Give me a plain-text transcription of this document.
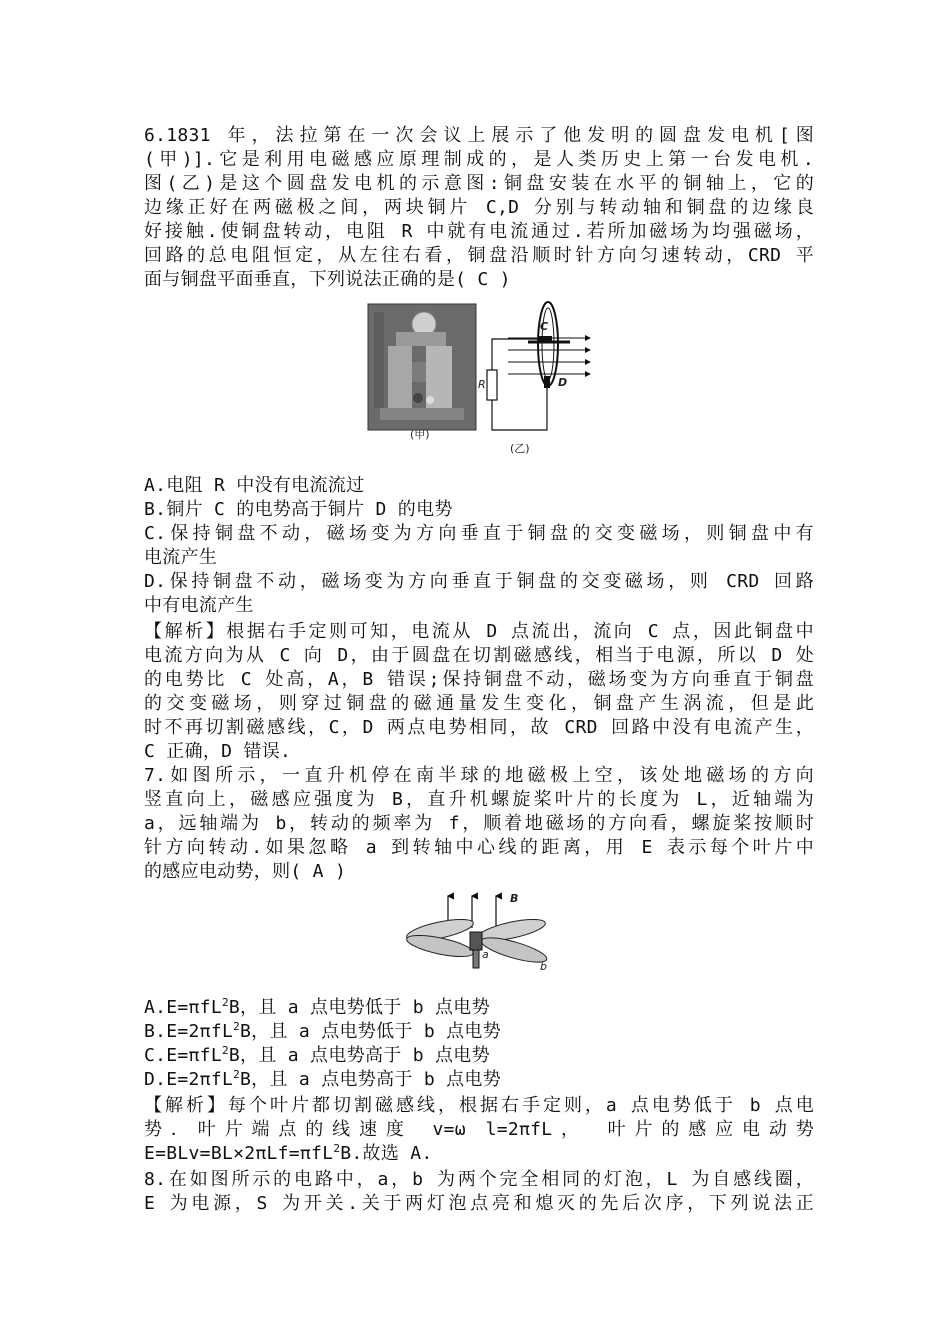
6.1831 年，法拉第在一次会议上展示了他发明的圆盘发电机[图
(甲)].它是利用电磁感应原理制成的，是人类历史上第一台发电机.
图(乙)是这个圆盘发电机的示意图:铜盘安装在水平的铜轴上，它的
边缘正好在两磁极之间，两块铜片 C,D 分别与转动轴和铜盘的边缘良
好接触.使铜盘转动，电阻 R 中就有电流通过.若所加磁场为均强磁场，
回路的总电阻恒定，从左往右看，铜盘沿顺时针方向匀速转动，CRD 平
面与铜盘平面垂直，下列说法正确的是( C )
(甲)
R
C
D
(乙)
A.电阻 R 中没有电流流过
B.铜片 C 的电势高于铜片 D 的电势
C.保持铜盘不动，磁场变为方向垂直于铜盘的交变磁场，则铜盘中有
电流产生
D.保持铜盘不动，磁场变为方向垂直于铜盘的交变磁场，则 CRD 回路
中有电流产生
【解析】根据右手定则可知，电流从 D 点流出，流向 C 点，因此铜盘中
电流方向为从 C 向 D，由于圆盘在切割磁感线，相当于电源，所以 D 处
的电势比 C 处高，A，B 错误;保持铜盘不动，磁场变为方向垂直于铜盘
的交变磁场，则穿过铜盘的磁通量发生变化，铜盘产生涡流，但是此
时不再切割磁感线，C，D 两点电势相同，故 CRD 回路中没有电流产生，
C 正确，D 错误.
7.如图所示，一直升机停在南半球的地磁极上空，该处地磁场的方向
竖直向上，磁感应强度为 B，直升机螺旋桨叶片的长度为 L，近轴端为
a，远轴端为 b，转动的频率为 f，顺着地磁场的方向看，螺旋桨按顺时
针方向转动.如果忽略 a 到转轴中心线的距离，用 E 表示每个叶片中
的感应电动势，则( A )
B
a
b
A.E=πfL$^2$B，且 a 点电势低于 b 点电势
B.E=2πfL$^2$B，且 a 点电势低于 b 点电势
C.E=πfL$^2$B，且 a 点电势高于 b 点电势
D.E=2πfL$^2$B，且 a 点电势高于 b 点电势
【解析】每个叶片都切割磁感线，根据右手定则，a 点电势低于 b 点电
势．叶片端点的线速度 v=ω l=2πfL， 叶片的感应电动势
E=BLv=BL×2πLf=πfL$^2$B.故选 A.
8.在如图所示的电路中，a，b 为两个完全相同的灯泡，L 为自感线圈，
E 为电源，S 为开关.关于两灯泡点亮和熄灭的先后次序，下列说法正
